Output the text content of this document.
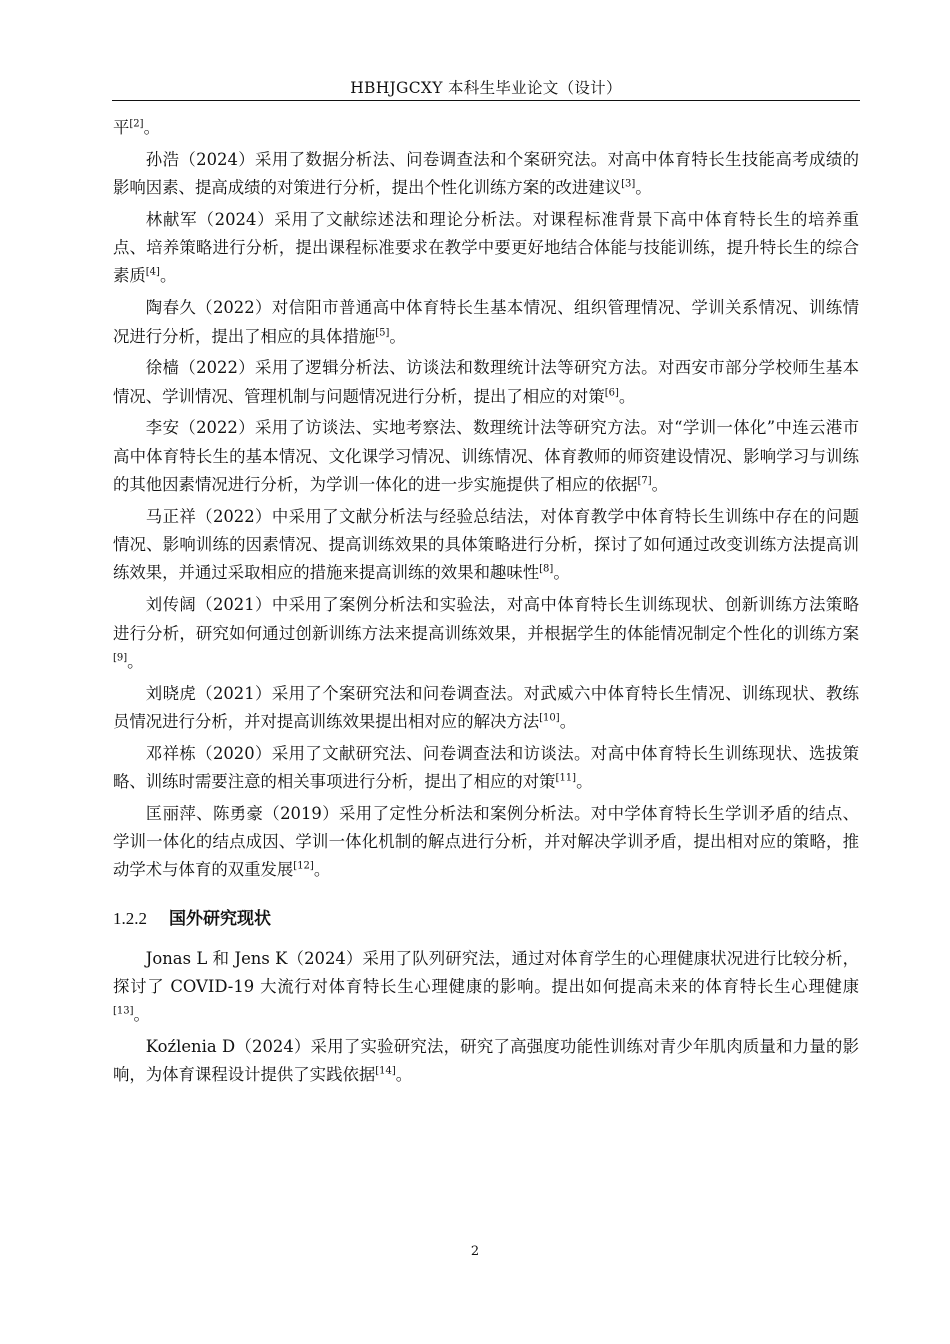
HBHJGCXY 本科生毕业论文（设计）

平[2]。

孙浩（2024）采用了数据分析法、问卷调查法和个案研究法。对高中体育特长生技能高考成绩的影响因素、提高成绩的对策进行分析，提出个性化训练方案的改进建议[3]。

林献军（2024）采用了文献综述法和理论分析法。对课程标准背景下高中体育特长生的培养重点、培养策略进行分析，提出课程标准要求在教学中要更好地结合体能与技能训练，提升特长生的综合素质[4]。

陶春久（2022）对信阳市普通高中体育特长生基本情况、组织管理情况、学训关系情况、训练情况进行分析，提出了相应的具体措施[5]。

徐樯（2022）采用了逻辑分析法、访谈法和数理统计法等研究方法。对西安市部分学校师生基本情况、学训情况、管理机制与问题情况进行分析，提出了相应的对策[6]。

李安（2022）采用了访谈法、实地考察法、数理统计法等研究方法。对“学训一体化”中连云港市高中体育特长生的基本情况、文化课学习情况、训练情况、体育教师的师资建设情况、影响学习与训练的其他因素情况进行分析，为学训一体化的进一步实施提供了相应的依据[7]。

马正祥（2022）中采用了文献分析法与经验总结法，对体育教学中体育特长生训练中存在的问题情况、影响训练的因素情况、提高训练效果的具体策略进行分析，探讨了如何通过改变训练方法提高训练效果，并通过采取相应的措施来提高训练的效果和趣味性[8]。

刘传阔（2021）中采用了案例分析法和实验法，对高中体育特长生训练现状、创新训练方法策略进行分析，研究如何通过创新训练方法来提高训练效果，并根据学生的体能情况制定个性化的训练方案[9]。

刘晓虎（2021）采用了个案研究法和问卷调查法。对武威六中体育特长生情况、训练现状、教练员情况进行分析，并对提高训练效果提出相对应的解决方法[10]。

邓祥栋（2020）采用了文献研究法、问卷调查法和访谈法。对高中体育特长生训练现状、选拔策略、训练时需要注意的相关事项进行分析，提出了相应的对策[11]。

匡丽萍、陈勇豪（2019）采用了定性分析法和案例分析法。对中学体育特长生学训矛盾的结点、学训一体化的结点成因、学训一体化机制的解点进行分析，并对解决学训矛盾，提出相对应的策略，推动学术与体育的双重发展[12]。

1.2.2 国外研究现状

Jonas L 和 Jens K（2024）采用了队列研究法，通过对体育学生的心理健康状况进行比较分析，探讨了 COVID-19 大流行对体育特长生心理健康的影响。提出如何提高未来的体育特长生心理健康[13]。

Koźlenia D（2024）采用了实验研究法，研究了高强度功能性训练对青少年肌肉质量和力量的影响，为体育课程设计提供了实践依据[14]。

2
